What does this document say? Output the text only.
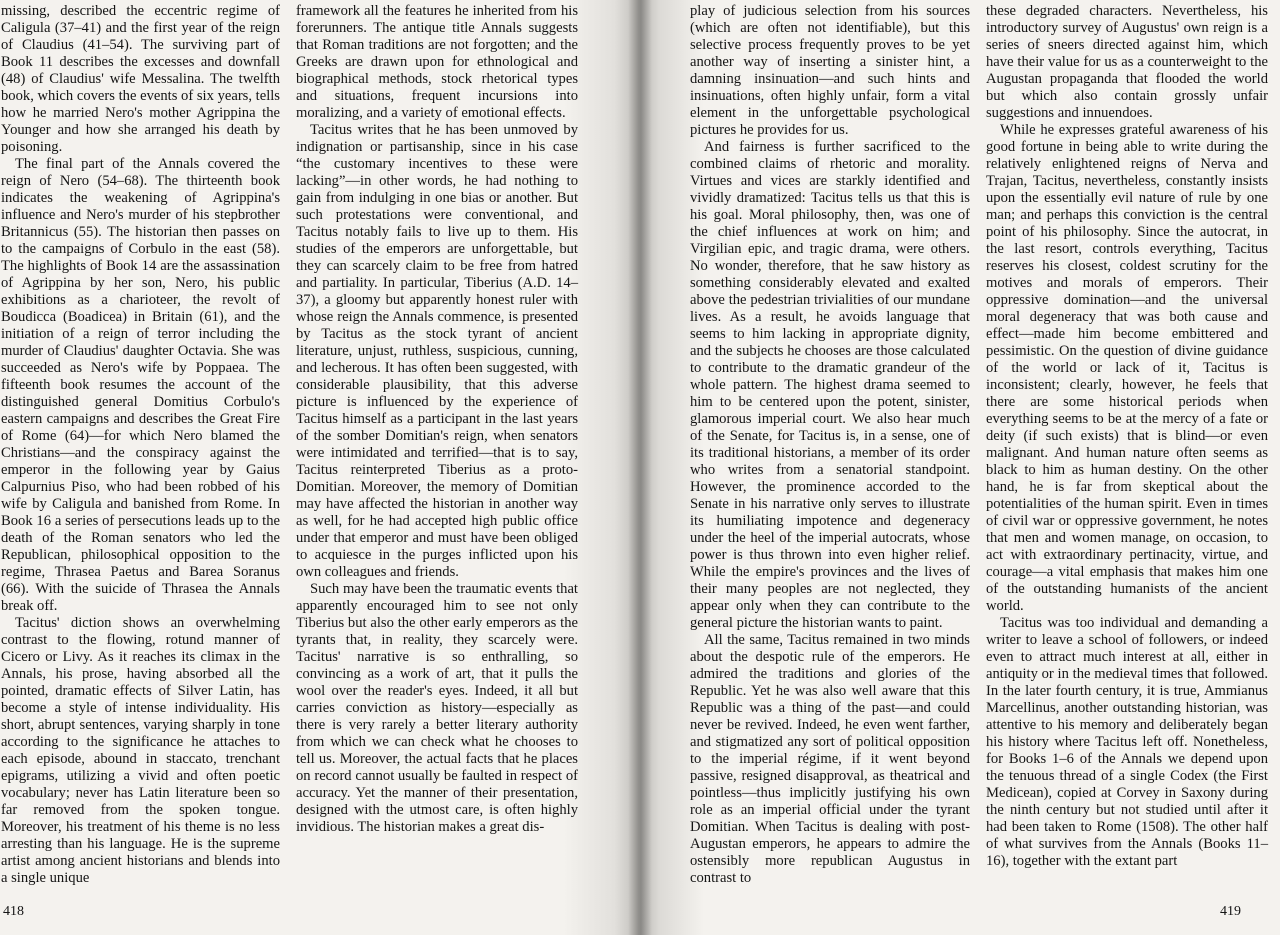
missing, described the eccentric regime of Caligula (37–41) and the first year of the reign of Claudius (41–54). The surviving part of Book 11 describes the excesses and downfall (48) of Claudius' wife Messalina. The twelfth book, which covers the events of six years, tells how he married Nero's mother Agrippina the Younger and how she arranged his death by poisoning.

The final part of the Annals covered the reign of Nero (54–68). The thirteenth book indicates the weakening of Agrippina's influence and Nero's murder of his stepbrother Britannicus (55). The historian then passes on to the campaigns of Corbulo in the east (58). The highlights of Book 14 are the assassination of Agrippina by her son, Nero, his public exhibitions as a charioteer, the revolt of Boudicca (Boadicea) in Britain (61), and the initiation of a reign of terror including the murder of Claudius' daughter Octavia. She was succeeded as Nero's wife by Poppaea. The fifteenth book resumes the account of the distinguished general Domitius Corbulo's eastern campaigns and describes the Great Fire of Rome (64)—for which Nero blamed the Christians—and the conspiracy against the emperor in the following year by Gaius Calpurnius Piso, who had been robbed of his wife by Caligula and banished from Rome. In Book 16 a series of persecutions leads up to the death of the Roman senators who led the Republican, philosophical opposition to the regime, Thrasea Paetus and Barea Soranus (66). With the suicide of Thrasea the Annals break off.

Tacitus' diction shows an overwhelming contrast to the flowing, rotund manner of Cicero or Livy. As it reaches its climax in the Annals, his prose, having absorbed all the pointed, dramatic effects of Silver Latin, has become a style of intense individuality. His short, abrupt sentences, varying sharply in tone according to the significance he attaches to each episode, abound in staccato, trenchant epigrams, utilizing a vivid and often poetic vocabulary; never has Latin literature been so far removed from the spoken tongue. Moreover, his treatment of his theme is no less arresting than his language. He is the supreme artist among ancient historians and blends into a single unique

framework all the features he inherited from his forerunners. The antique title Annals suggests that Roman traditions are not forgotten; and the Greeks are drawn upon for ethnological and biographical methods, stock rhetorical types and situations, frequent incursions into moralizing, and a variety of emotional effects.

Tacitus writes that he has been unmoved by indignation or partisanship, since in his case “the customary incentives to these were lacking”—in other words, he had nothing to gain from indulging in one bias or another. But such protestations were conventional, and Tacitus notably fails to live up to them. His studies of the emperors are unforgettable, but they can scarcely claim to be free from hatred and partiality. In particular, Tiberius (A.D. 14–37), a gloomy but apparently honest ruler with whose reign the Annals commence, is presented by Tacitus as the stock tyrant of ancient literature, unjust, ruthless, suspicious, cunning, and lecherous. It has often been suggested, with considerable plausibility, that this adverse picture is influenced by the experience of Tacitus himself as a participant in the last years of the somber Domitian's reign, when senators were intimidated and terrified—that is to say, Tacitus reinterpreted Tiberius as a proto-Domitian. Moreover, the memory of Domitian may have affected the historian in another way as well, for he had accepted high public office under that emperor and must have been obliged to acquiesce in the purges inflicted upon his own colleagues and friends.

Such may have been the traumatic events that apparently encouraged him to see not only Tiberius but also the other early emperors as the tyrants that, in reality, they scarcely were. Tacitus' narrative is so enthralling, so convincing as a work of art, that it pulls the wool over the reader's eyes. Indeed, it all but carries conviction as history—especially as there is very rarely a better literary authority from which we can check what he chooses to tell us. Moreover, the actual facts that he places on record cannot usually be faulted in respect of accuracy. Yet the manner of their presentation, designed with the utmost care, is often highly invidious. The historian makes a great dis-

418

play of judicious selection from his sources (which are often not identifiable), but this selective process frequently proves to be yet another way of inserting a sinister hint, a damning insinuation—and such hints and insinuations, often highly unfair, form a vital element in the unforgettable psychological pictures he provides for us.

And fairness is further sacrificed to the combined claims of rhetoric and morality. Virtues and vices are starkly identified and vividly dramatized: Tacitus tells us that this is his goal. Moral philosophy, then, was one of the chief influences at work on him; and Virgilian epic, and tragic drama, were others. No wonder, therefore, that he saw history as something considerably elevated and exalted above the pedestrian trivialities of our mundane lives. As a result, he avoids language that seems to him lacking in appropriate dignity, and the subjects he chooses are those calculated to contribute to the dramatic grandeur of the whole pattern. The highest drama seemed to him to be centered upon the potent, sinister, glamorous imperial court. We also hear much of the Senate, for Tacitus is, in a sense, one of its traditional historians, a member of its order who writes from a senatorial standpoint. However, the prominence accorded to the Senate in his narrative only serves to illustrate its humiliating impotence and degeneracy under the heel of the imperial autocrats, whose power is thus thrown into even higher relief. While the empire's provinces and the lives of their many peoples are not neglected, they appear only when they can contribute to the general picture the historian wants to paint.

All the same, Tacitus remained in two minds about the despotic rule of the emperors. He admired the traditions and glories of the Republic. Yet he was also well aware that this Republic was a thing of the past—and could never be revived. Indeed, he even went farther, and stigmatized any sort of political opposition to the imperial régime, if it went beyond passive, resigned disapproval, as theatrical and pointless—thus implicitly justifying his own role as an imperial official under the tyrant Domitian. When Tacitus is dealing with post-Augustan emperors, he appears to admire the ostensibly more republican Augustus in contrast to

these degraded characters. Nevertheless, his introductory survey of Augustus' own reign is a series of sneers directed against him, which have their value for us as a counterweight to the Augustan propaganda that flooded the world but which also contain grossly unfair suggestions and innuendoes.

While he expresses grateful awareness of his good fortune in being able to write during the relatively enlightened reigns of Nerva and Trajan, Tacitus, nevertheless, constantly insists upon the essentially evil nature of rule by one man; and perhaps this conviction is the central point of his philosophy. Since the autocrat, in the last resort, controls everything, Tacitus reserves his closest, coldest scrutiny for the motives and morals of emperors. Their oppressive domination—and the universal moral degeneracy that was both cause and effect—made him become embittered and pessimistic. On the question of divine guidance of the world or lack of it, Tacitus is inconsistent; clearly, however, he feels that there are some historical periods when everything seems to be at the mercy of a fate or deity (if such exists) that is blind—or even malignant. And human nature often seems as black to him as human destiny. On the other hand, he is far from skeptical about the potentialities of the human spirit. Even in times of civil war or oppressive government, he notes that men and women manage, on occasion, to act with extraordinary pertinacity, virtue, and courage—a vital emphasis that makes him one of the outstanding humanists of the ancient world.

Tacitus was too individual and demanding a writer to leave a school of followers, or indeed even to attract much interest at all, either in antiquity or in the medieval times that followed. In the later fourth century, it is true, Ammianus Marcellinus, another outstanding historian, was attentive to his memory and deliberately began his history where Tacitus left off. Nonetheless, for Books 1–6 of the Annals we depend upon the tenuous thread of a single Codex (the First Medicean), copied at Corvey in Saxony during the ninth century but not studied until after it had been taken to Rome (1508). The other half of what survives from the Annals (Books 11–16), together with the extant part

419
